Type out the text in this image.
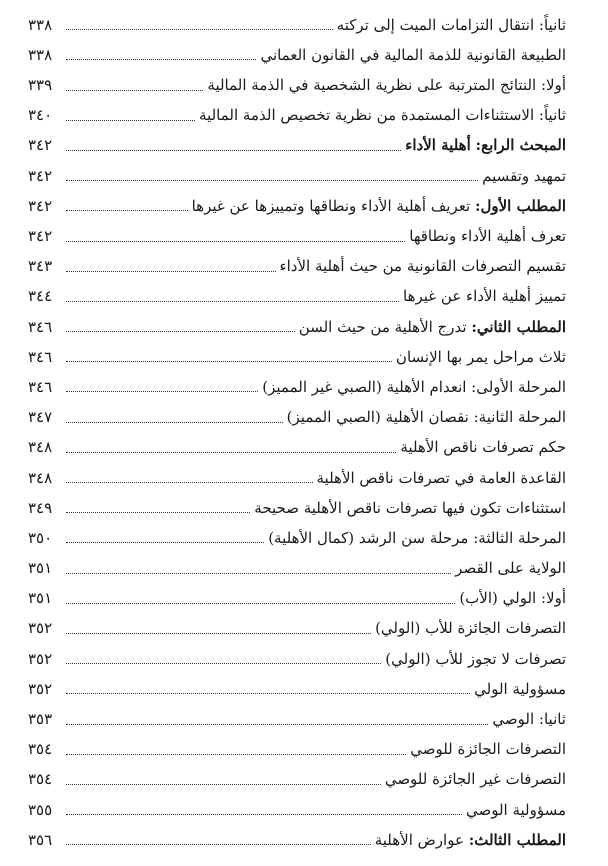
ثانياً: انتقال التزامات الميت إلى تركته
٣٣٨
الطبيعة القانونية للذمة المالية في القانون العماني
٣٣٨
أولا: النتائج المترتبة على نظرية الشخصية في الذمة المالية
٣٣٩
ثانياً: الاستثناءات المستمدة من نظرية تخصيص الذمة المالية
٣٤٠
المبحث الرابع: أهلية الأداء
٣٤٢
تمهيد وتقسيم
٣٤٢
المطلب الأول: تعريف أهلية الأداء ونطاقها وتمييزها عن غيرها
٣٤٢
تعرف أهلية الأداء ونطاقها
٣٤٢
تقسيم التصرفات القانونية من حيث أهلية الأداء
٣٤٣
تمييز أهلية الأداء عن غيرها
٣٤٤
المطلب الثاني: تدرج الأهلية من حيث السن
٣٤٦
ثلاث مراحل يمر بها الإنسان
٣٤٦
المرحلة الأولى: انعدام الأهلية (الصبي غير المميز)
٣٤٦
المرحلة الثانية: نقصان الأهلية (الصبي المميز)
٣٤٧
حكم تصرفات ناقص الأهلية
٣٤٨
القاعدة العامة في تصرفات ناقص الأهلية
٣٤٨
استثناءات تكون فيها تصرفات ناقص الأهلية صحيحة
٣٤٩
المرحلة الثالثة: مرحلة سن الرشد (كمال الأهلية)
٣٥٠
الولاية على القصر
٣٥١
أولا: الولي (الأب)
٣٥١
التصرفات الجائزة للأب (الولي)
٣٥٢
تصرفات لا تجوز للأب (الولي)
٣٥٢
مسؤولية الولي
٣٥٢
ثانيا: الوصي
٣٥٣
التصرفات الجائزة للوصي
٣٥٤
التصرفات غير الجائزة للوصي
٣٥٤
مسؤولية الوصي
٣٥٥
المطلب الثالث: عوارض الأهلية
٣٥٦
